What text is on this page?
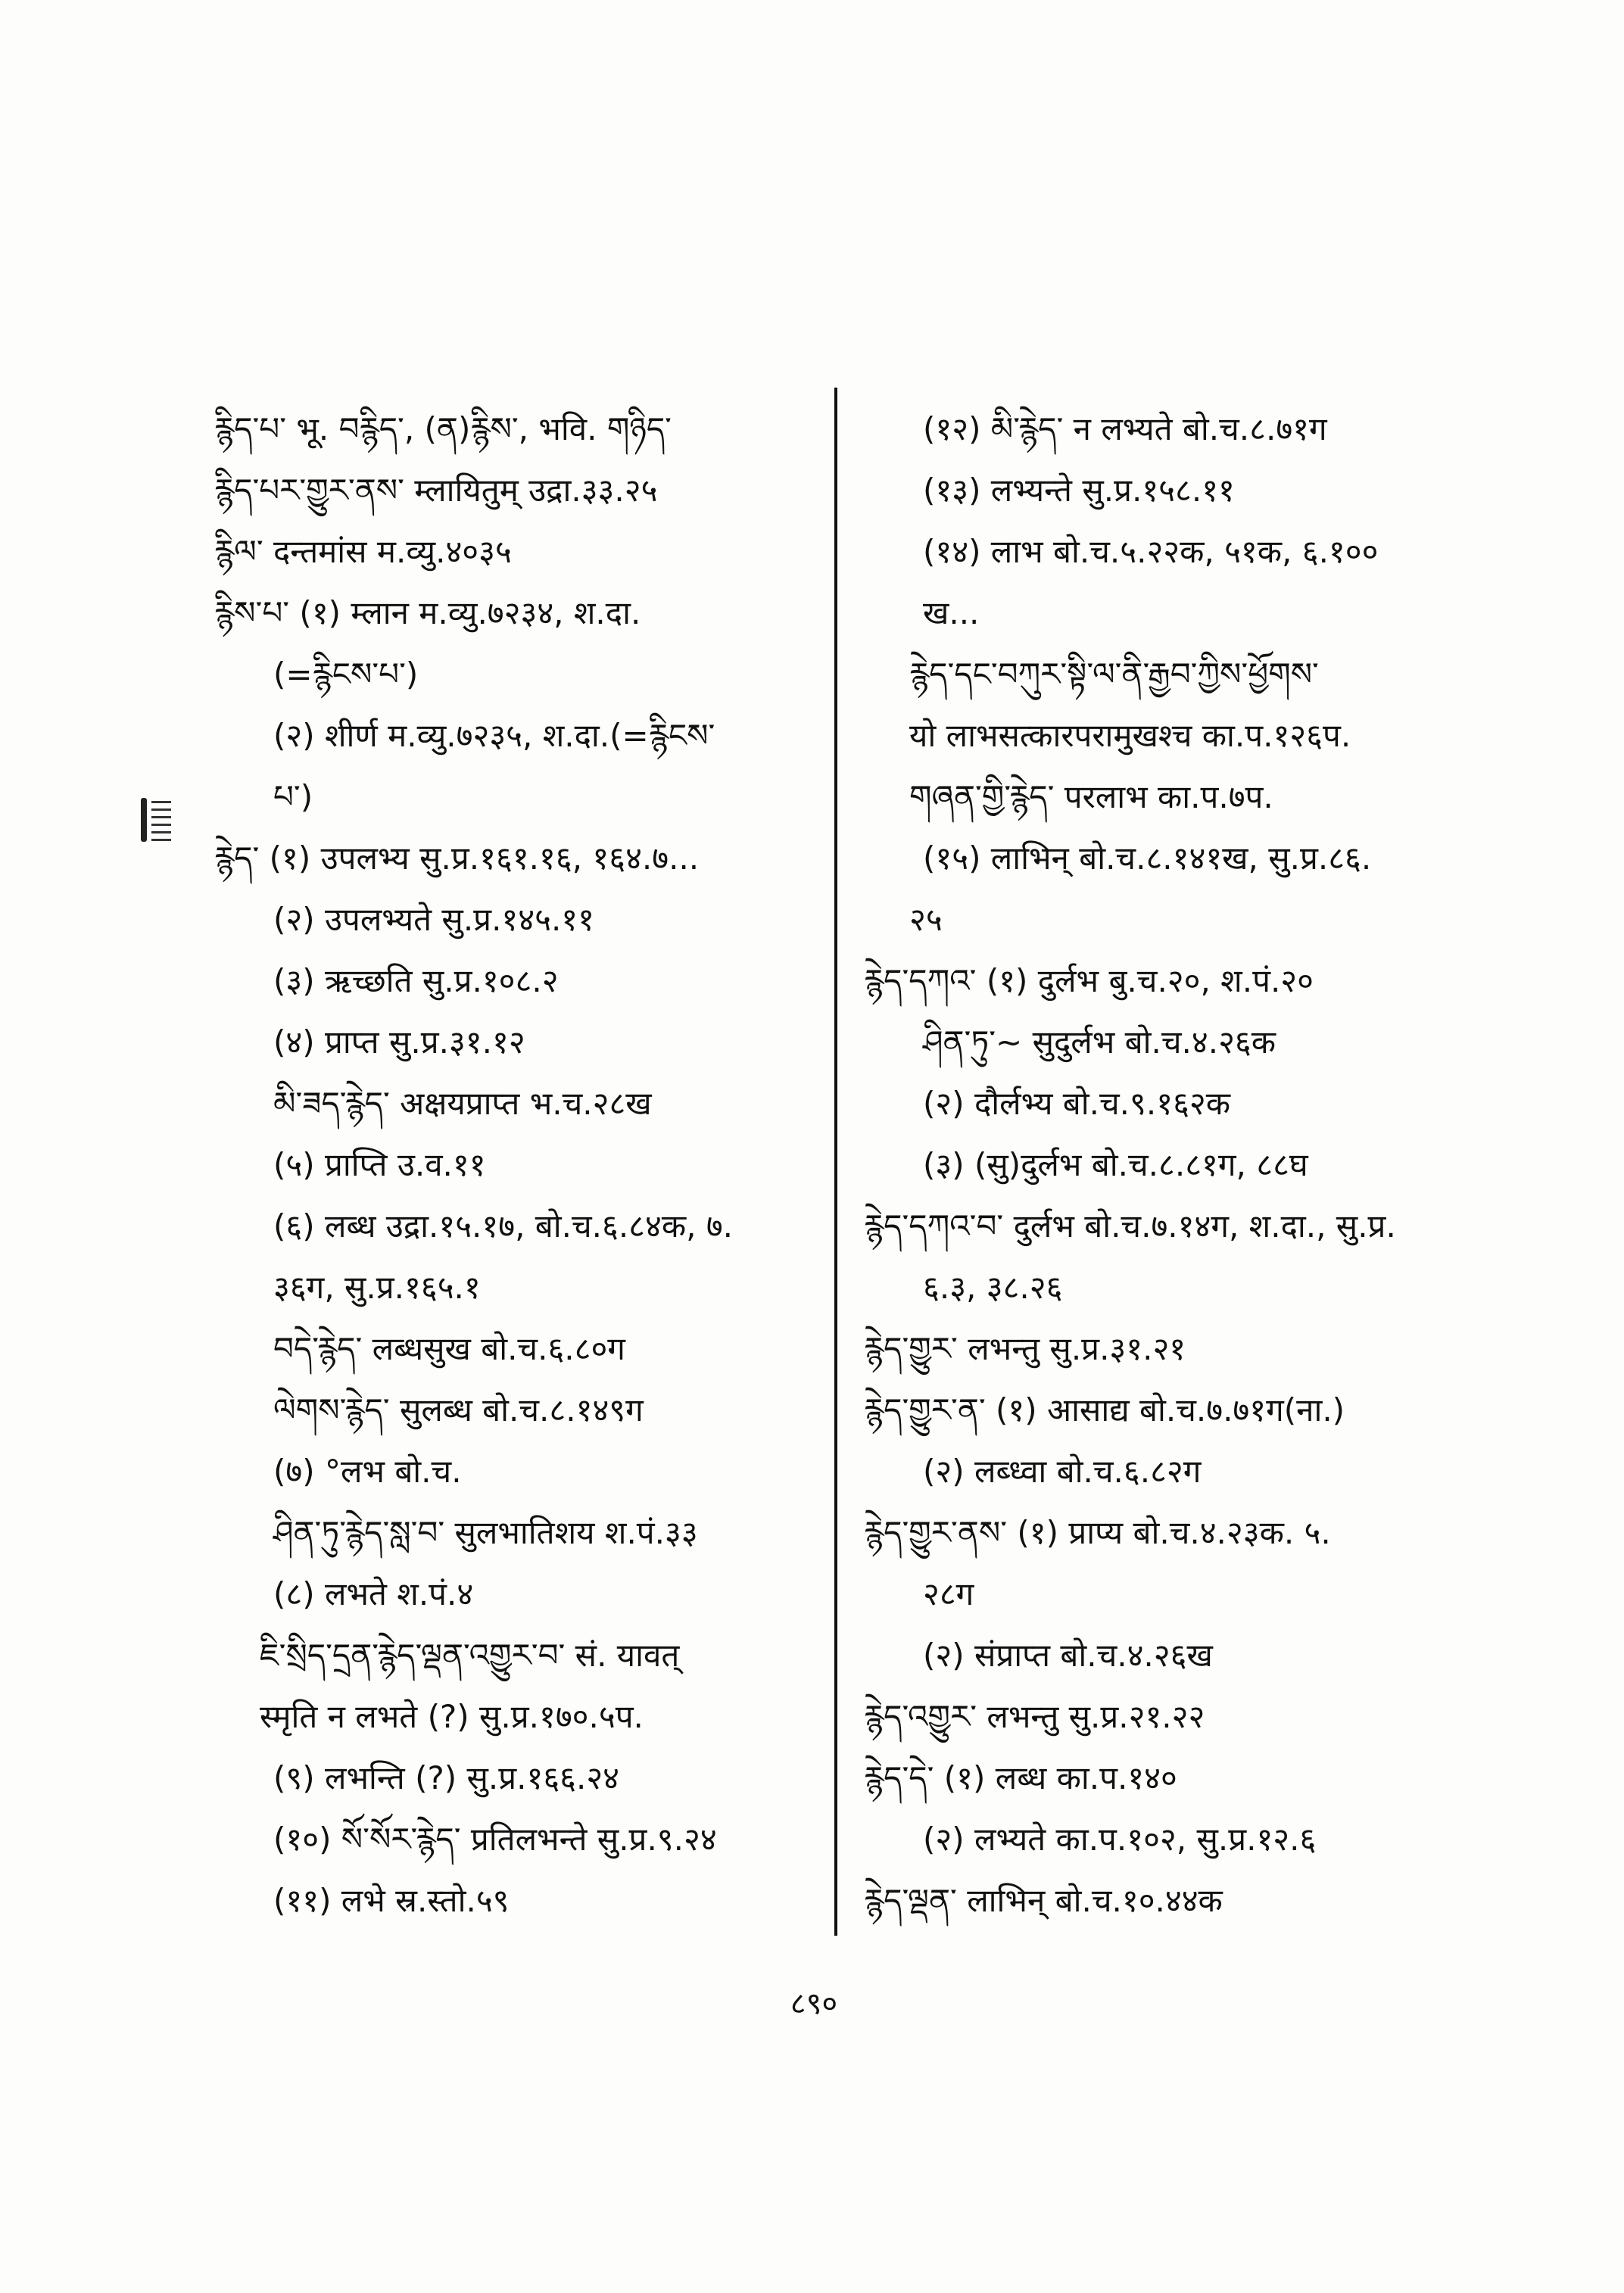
རྙིད་པ་ भू. བརྙིད་, (ན)རྙིས་, भवि. གཉིད་
རྙིད་པར་གྱུར་ནས་ म्लायितुम् उद्रा.३३.२५
རྙིལ་ दन्तमांस म.व्यु.४०३५
རྙིས་པ་ (१) म्लान म.व्यु.७२३४, श.दा.
(=རྙིངས་པ་)
(२) शीर्ण म.व्यु.७२३५, श.दा.(=རྙིངས་
པ་)
རྙེད་ (१) उपलभ्य सु.प्र.१६१.१६, १६४.७...
(२) उपलभ्यते सु.प्र.१४५.११
(३) ऋच्छति सु.प्र.१०८.२
(४) प्राप्त सु.प्र.३१.१२
མི་ཟད་རྙེད་ अक्षयप्राप्त भ.च.२८ख
(५) प्राप्ति उ.व.११
(६) लब्ध उद्रा.१५.१७, बो.च.६.८४क, ७.
३६ग, सु.प्र.१६५.१
བདེ་རྙེད་ लब्धसुख बो.च.६.८०ग
ལེགས་རྙེད་ सुलब्ध बो.च.८.१४९ग
(७) °लभ बो.च.
ཤིན་ཏུ་རྙེད་སླ་བ་ सुलभातिशय श.पं.३३
(८) लभते श.पं.४
ཇི་སྲིད་དྲན་རྙེད་ལྡན་འགྱུར་བ་ सं. यावत्
स्मृति न लभते (?) सु.प्र.१७०.५प.
(९) लभन्ति (?) सु.प्र.१६६.२४
(१०) སོ་སོར་རྙེད་ प्रतिलभन्ते सु.प्र.९.२४
(११) लभे स्र.स्तो.५९
(१२) མི་རྙེད་ न लभ्यते बो.च.८.७१ग
(१३) लभ्यन्ते सु.प्र.१५८.११
(१४) लाभ बो.च.५.२२क, ५१क, ६.१००
ख...
རྙེད་དང་བཀུར་སྟི་ལ་ནི་རྒྱབ་ཀྱིས་ཕྱོགས་
यो लाभसत्कारपरामुखश्च का.प.१२६प.
གཞན་གྱི་རྙེད་ परलाभ का.प.७प.
(१५) लाभिन् बो.च.८.१४१ख, सु.प्र.८६.
२५
རྙེད་དཀའ་ (१) दुर्लभ बु.च.२०, श.पं.२०
ཤིན་ཏུ་~ सुदुर्लभ बो.च.४.२६क
(२) दौर्लभ्य बो.च.९.१६२क
(३) (सु)दुर्लभ बो.च.८.८१ग, ८८घ
རྙེད་དཀའ་བ་ दुर्लभ बो.च.७.१४ग, श.दा., सु.प्र.
६.३, ३८.२६
རྙེད་གྱུར་ लभन्तु सु.प्र.३१.२१
རྙེད་གྱུར་ན་ (१) आसाद्य बो.च.७.७१ग(ना.)
(२) लब्ध्वा बो.च.६.८२ग
རྙེད་གྱུར་ནས་ (१) प्राप्य बो.च.४.२३क. ५.
२८ग
(२) संप्राप्त बो.च.४.२६ख
རྙེད་འགྱུར་ लभन्तु सु.प्र.२१.२२
རྙེད་དེ་ (१) लब्ध का.प.१४०
(२) लभ्यते का.प.१०२, सु.प्र.१२.६
རྙེད་ལྡན་ लाभिन् बो.च.१०.४४क
८९०
